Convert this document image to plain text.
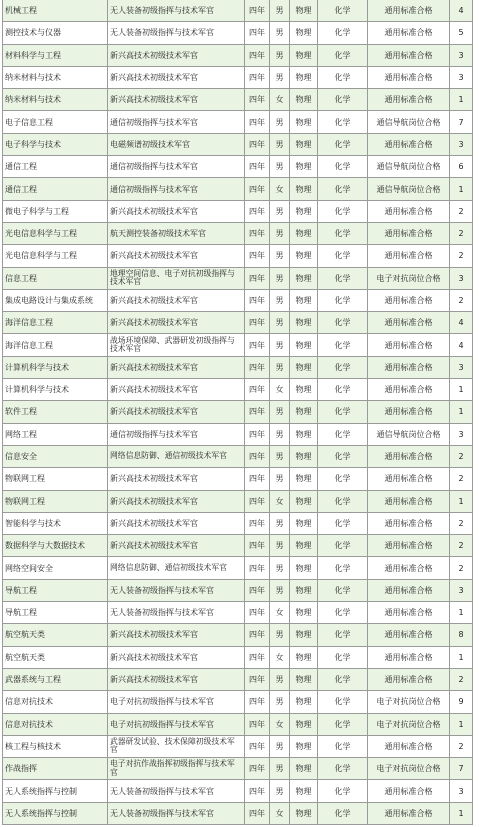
机械工程	无人装备初级指挥与技术军官	四年	男	物理	化学	通用标准合格	4
测控技术与仪器	无人装备初级指挥与技术军官	四年	男	物理	化学	通用标准合格	5
材料科学与工程	新兴高技术初级技术军官	四年	男	物理	化学	通用标准合格	3
纳米材料与技术	新兴高技术初级技术军官	四年	男	物理	化学	通用标准合格	3
纳米材料与技术	新兴高技术初级技术军官	四年	女	物理	化学	通用标准合格	1
电子信息工程	通信初级指挥与技术军官	四年	男	物理	化学	通信导航岗位合格	7
电子科学与技术	电磁频谱初级技术军官	四年	男	物理	化学	通用标准合格	3
通信工程	通信初级指挥与技术军官	四年	男	物理	化学	通信导航岗位合格	6
通信工程	通信初级指挥与技术军官	四年	女	物理	化学	通信导航岗位合格	1
微电子科学与工程	新兴高技术初级技术军官	四年	男	物理	化学	通用标准合格	2
光电信息科学与工程	航天测控装备初级技术军官	四年	男	物理	化学	通用标准合格	2
光电信息科学与工程	新兴高技术初级技术军官	四年	男	物理	化学	通用标准合格	2
信息工程	地理空间信息、电子对抗初级指挥与技术军官	四年	男	物理	化学	电子对抗岗位合格	3
集成电路设计与集成系统	新兴高技术初级技术军官	四年	男	物理	化学	通用标准合格	2
海洋信息工程	新兴高技术初级技术军官	四年	男	物理	化学	通用标准合格	4
海洋信息工程	战场环境保障、武器研发初级指挥与技术军官	四年	男	物理	化学	通用标准合格	4
计算机科学与技术	新兴高技术初级技术军官	四年	男	物理	化学	通用标准合格	3
计算机科学与技术	新兴高技术初级技术军官	四年	女	物理	化学	通用标准合格	1
软件工程	新兴高技术初级技术军官	四年	男	物理	化学	通用标准合格	1
网络工程	通信初级指挥与技术军官	四年	男	物理	化学	通信导航岗位合格	3
信息安全	网络信息防御、通信初级技术军官	四年	男	物理	化学	通用标准合格	2
物联网工程	新兴高技术初级技术军官	四年	男	物理	化学	通用标准合格	2
物联网工程	新兴高技术初级技术军官	四年	女	物理	化学	通用标准合格	1
智能科学与技术	新兴高技术初级技术军官	四年	男	物理	化学	通用标准合格	2
数据科学与大数据技术	新兴高技术初级技术军官	四年	男	物理	化学	通用标准合格	2
网络空间安全	网络信息防御、通信初级技术军官	四年	男	物理	化学	通用标准合格	2
导航工程	无人装备初级指挥与技术军官	四年	男	物理	化学	通用标准合格	3
导航工程	无人装备初级指挥与技术军官	四年	女	物理	化学	通用标准合格	1
航空航天类	新兴高技术初级技术军官	四年	男	物理	化学	通用标准合格	8
航空航天类	新兴高技术初级技术军官	四年	女	物理	化学	通用标准合格	1
武器系统与工程	新兴高技术初级技术军官	四年	男	物理	化学	通用标准合格	2
信息对抗技术	电子对抗初级指挥与技术军官	四年	男	物理	化学	电子对抗岗位合格	9
信息对抗技术	电子对抗初级指挥与技术军官	四年	女	物理	化学	电子对抗岗位合格	1
核工程与核技术	武器研发试验、技术保障初级技术军官	四年	男	物理	化学	通用标准合格	2
作战指挥	电子对抗作战指挥初级指挥与技术军官	四年	男	物理	化学	电子对抗岗位合格	7
无人系统指挥与控制	无人装备初级指挥与技术军官	四年	男	物理	化学	通用标准合格	3
无人系统指挥与控制	无人装备初级指挥与技术军官	四年	女	物理	化学	通用标准合格	1
